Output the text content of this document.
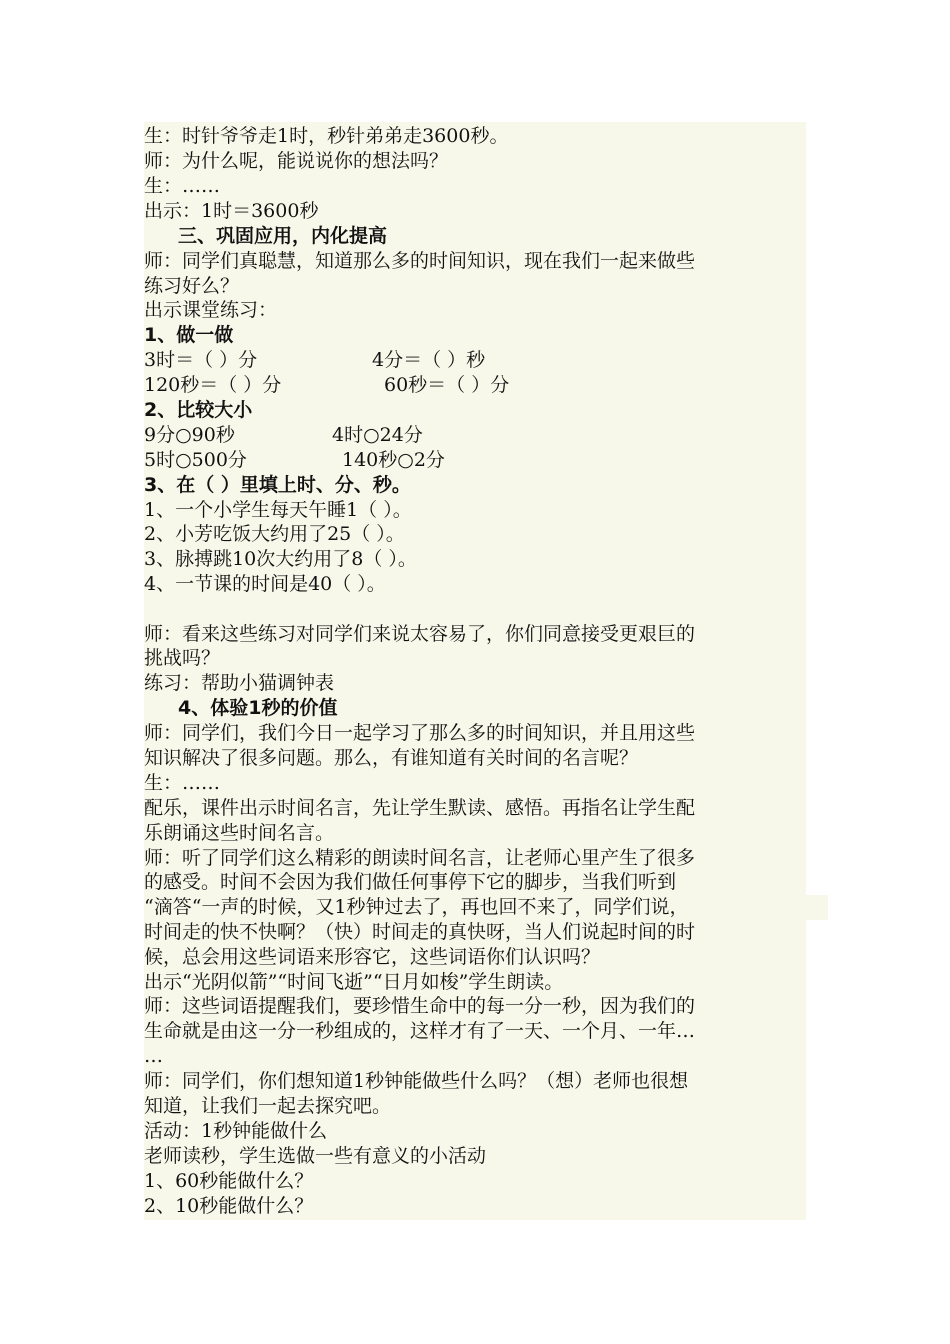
生：时针爷爷走1时，秒针弟弟走3600秒。
师：为什么呢，能说说你的想法吗？
生：……
出示：1时＝3600秒
三、巩固应用，内化提高
师：同学们真聪慧，知道那么多的时间知识，现在我们一起来做些
练习好么？
出示课堂练习：
1、做一做
3时＝（ ）分	4分＝（ ）秒
120秒＝（ ）分	60秒＝（ ）分
2、比较大小
9分○90秒	4时○24分
5时○500分	140秒○2分
3、在（ ）里填上时、分、秒。
1、一个小学生每天午睡1（ ）。
2、小芳吃饭大约用了25（ ）。
3、脉搏跳10次大约用了8（ ）。
4、一节课的时间是40（ ）。
师：看来这些练习对同学们来说太容易了，你们同意接受更艰巨的
挑战吗？
练习：帮助小猫调钟表
4、体验1秒的价值
师：同学们，我们今日一起学习了那么多的时间知识，并且用这些
知识解决了很多问题。那么，有谁知道有关时间的名言呢？
生：……
配乐，课件出示时间名言，先让学生默读、感悟。再指名让学生配
乐朗诵这些时间名言。
师：听了同学们这么精彩的朗读时间名言，让老师心里产生了很多
的感受。时间不会因为我们做任何事停下它的脚步，当我们听到
“滴答“一声的时候，又1秒钟过去了，再也回不来了，同学们说，
时间走的快不快啊？（快）时间走的真快呀，当人们说起时间的时
候，总会用这些词语来形容它，这些词语你们认识吗？
出示“光阴似箭”“时间飞逝”“日月如梭”学生朗读。
师：这些词语提醒我们，要珍惜生命中的每一分一秒，因为我们的
生命就是由这一分一秒组成的，这样才有了一天、一个月、一年…
…
师：同学们，你们想知道1秒钟能做些什么吗？（想）老师也很想
知道，让我们一起去探究吧。
活动：1秒钟能做什么
老师读秒，学生选做一些有意义的小活动
1、60秒能做什么？
2、10秒能做什么？
